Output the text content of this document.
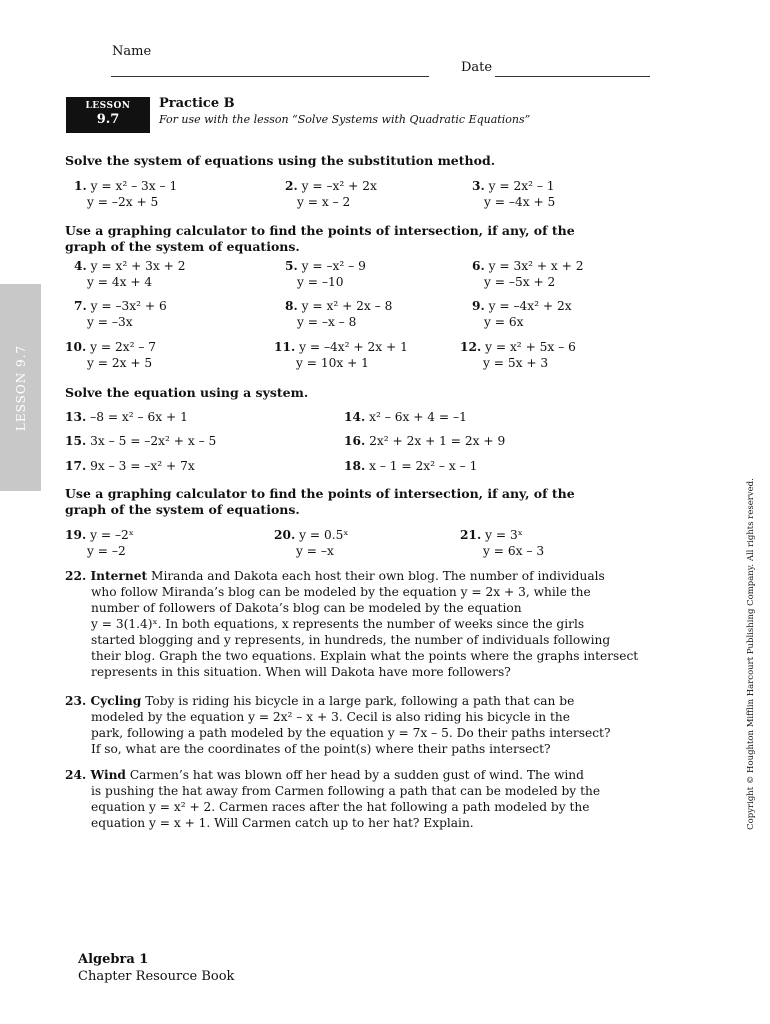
Name
Date
LESSON
9.7
Practice B
For use with the lesson “Solve Systems with Quadratic Equations”
LESSON 9.7
Copyright © Houghton Mifflin Harcourt Publishing Company. All rights reserved.
Solve the system of equations using the substitution method.
1. y = x² – 3x – 1
y = –2x + 5
2. y = –x² + 2x
y = x – 2
3. y = 2x² – 1
y = –4x + 5
Use a graphing calculator to find the points of intersection, if any, of the
graph of the system of equations.
4. y = x² + 3x + 2
y = 4x + 4
5. y = –x² – 9
y = –10
6. y = 3x² + x + 2
y = –5x + 2
7. y = –3x² + 6
y = –3x
8. y = x² + 2x – 8
y = –x – 8
9. y = –4x² + 2x
y = 6x
10. y = 2x² – 7
y = 2x + 5
11. y = –4x² + 2x + 1
y = 10x + 1
12. y = x² + 5x – 6
y = 5x + 3
Solve the equation using a system.
13. –8 = x² – 6x + 1	14. x² – 6x + 4 = –1
15. 3x – 5 = –2x² + x – 5	16. 2x² + 2x + 1 = 2x + 9
17. 9x – 3 = –x² + 7x	18. x – 1 = 2x² – x – 1
Use a graphing calculator to find the points of intersection, if any, of the
graph of the system of equations.
19. y = –2ˣ
y = –2
20. y = 0.5ˣ
y = –x
21. y = 3ˣ
y = 6x – 3
22. Internet Miranda and Dakota each host their own blog. The number of individuals
who follow Miranda’s blog can be modeled by the equation y = 2x + 3, while the
number of followers of Dakota’s blog can be modeled by the equation
y = 3(1.4)ˣ. In both equations, x represents the number of weeks since the girls
started blogging and y represents, in hundreds, the number of individuals following
their blog. Graph the two equations. Explain what the points where the graphs intersect
represents in this situation. When will Dakota have more followers?
23. Cycling Toby is riding his bicycle in a large park, following a path that can be
modeled by the equation y = 2x² – x + 3. Cecil is also riding his bicycle in the
park, following a path modeled by the equation y = 7x – 5. Do their paths intersect?
If so, what are the coordinates of the point(s) where their paths intersect?
24. Wind Carmen’s hat was blown off her head by a sudden gust of wind. The wind
is pushing the hat away from Carmen following a path that can be modeled by the
equation y = x² + 2. Carmen races after the hat following a path modeled by the
equation y = x + 1. Will Carmen catch up to her hat? Explain.
Algebra 1
Chapter Resource Book
